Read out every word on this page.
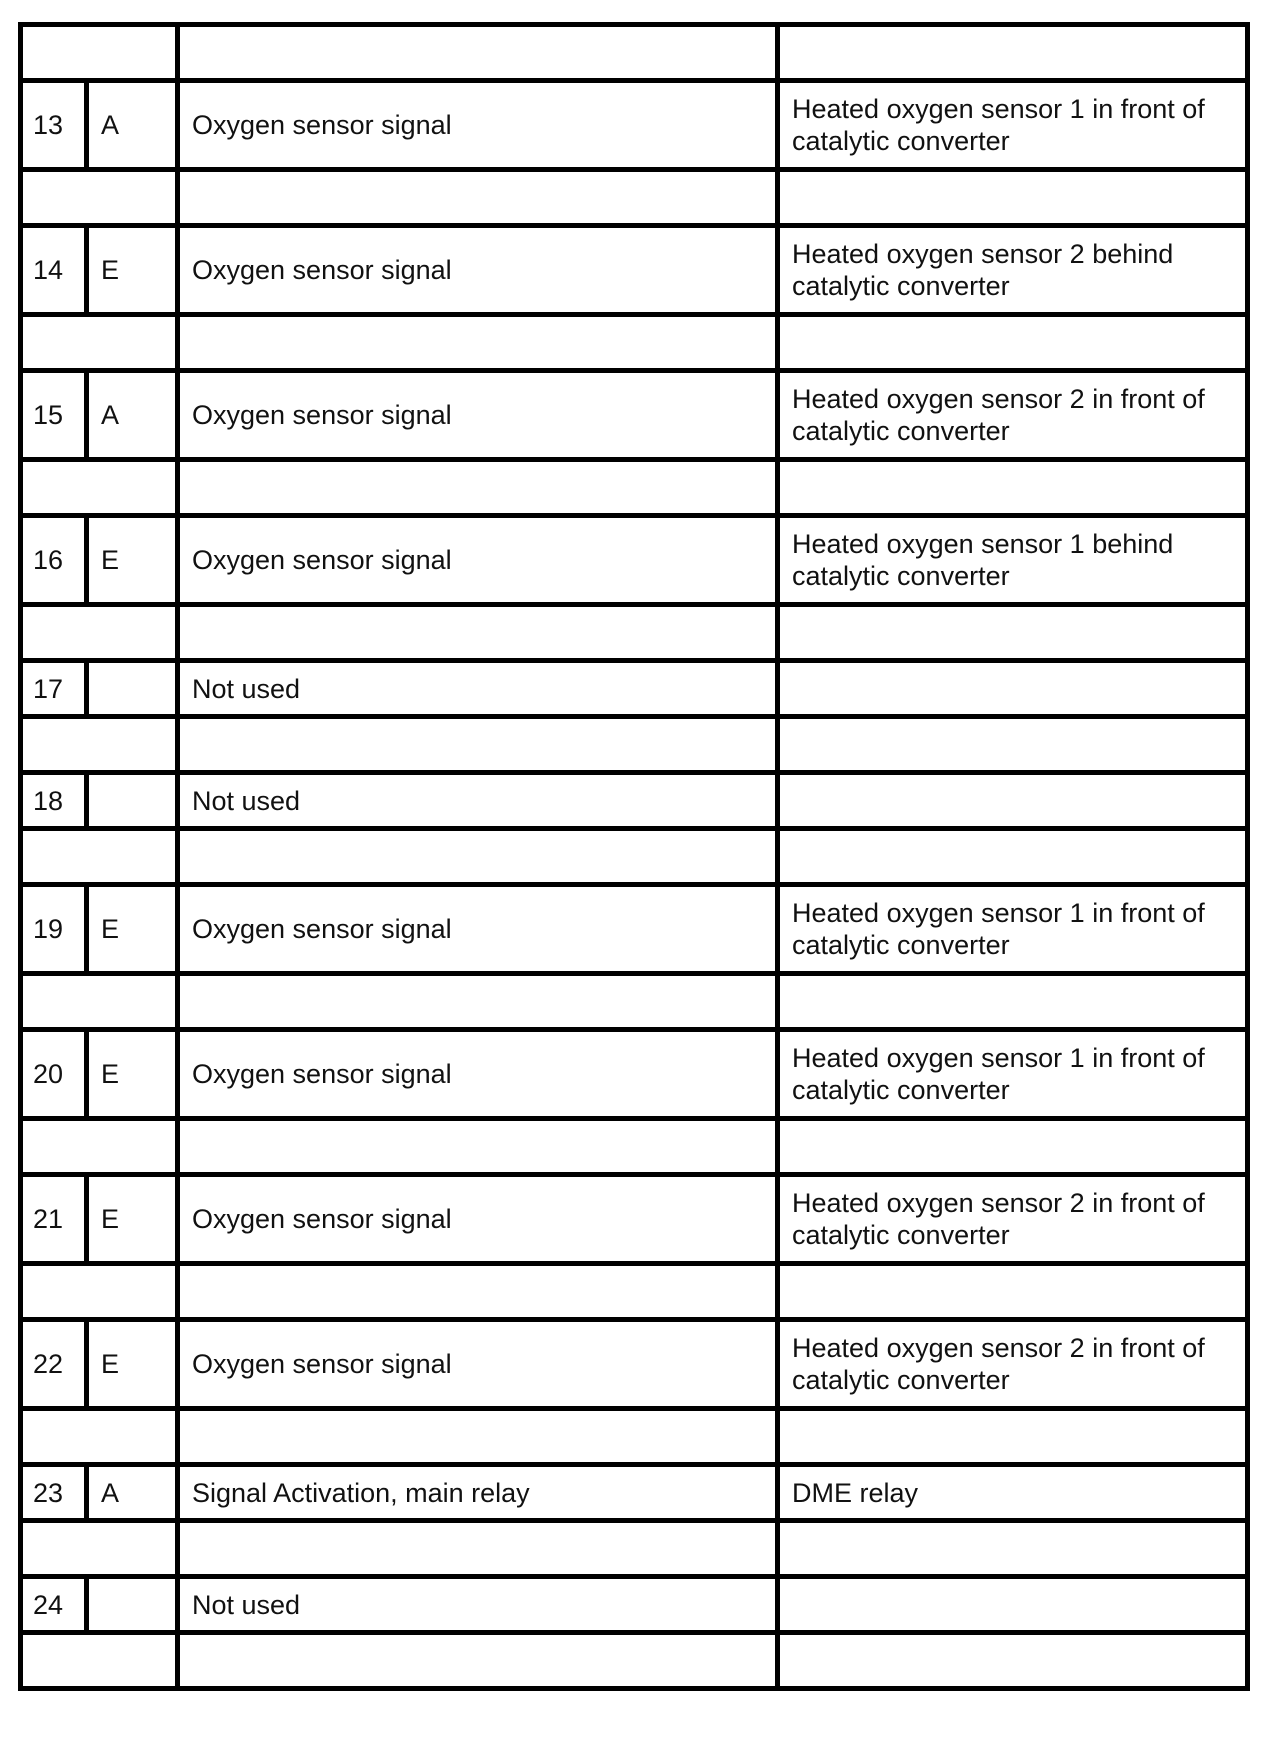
13	A	Oxygen sensor signal	Heated oxygen sensor 1 in front of catalytic converter

14	E	Oxygen sensor signal	Heated oxygen sensor 2 behind catalytic converter

15	A	Oxygen sensor signal	Heated oxygen sensor 2 in front of catalytic converter

16	E	Oxygen sensor signal	Heated oxygen sensor 1 behind catalytic converter

17		Not used	

18		Not used	

19	E	Oxygen sensor signal	Heated oxygen sensor 1 in front of catalytic converter

20	E	Oxygen sensor signal	Heated oxygen sensor 1 in front of catalytic converter

21	E	Oxygen sensor signal	Heated oxygen sensor 2 in front of catalytic converter

22	E	Oxygen sensor signal	Heated oxygen sensor 2 in front of catalytic converter

23	A	Signal Activation, main relay	DME relay

24		Not used	
